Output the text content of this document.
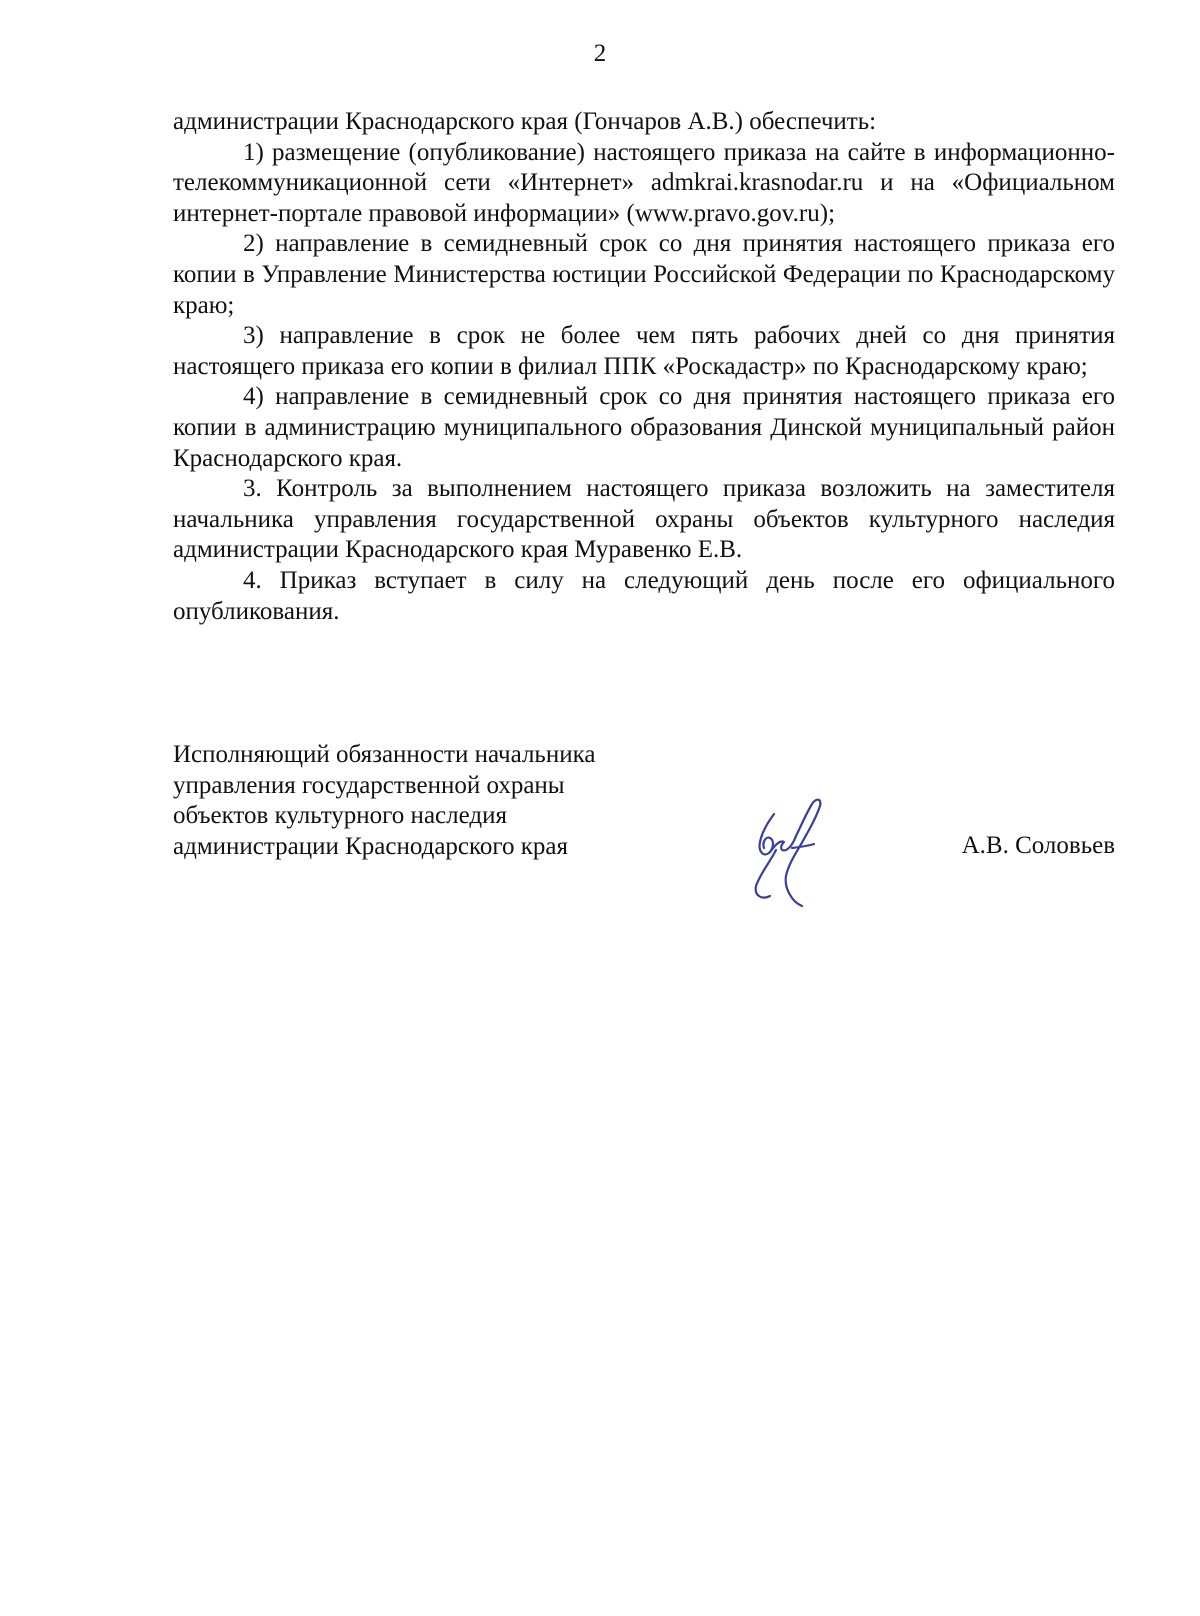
2

администрации Краснодарского края (Гончаров А.В.) обеспечить:

1) размещение (опубликование) настоящего приказа на сайте в информационно-телекоммуникационной сети «Интернет» admkrai.krasnodar.ru и на «Официальном интернет-портале правовой информации» (www.pravo.gov.ru);

2) направление в семидневный срок со дня принятия настоящего приказа его копии в Управление Министерства юстиции Российской Федерации по Краснодарскому краю;

3) направление в срок не более чем пять рабочих дней со дня принятия настоящего приказа его копии в филиал ППК «Роскадастр» по Краснодарскому краю;

4) направление в семидневный срок со дня принятия настоящего приказа его копии в администрацию муниципального образования Динской муниципальный район Краснодарского края.

3. Контроль за выполнением настоящего приказа возложить на заместителя начальника управления государственной охраны объектов культурного наследия администрации Краснодарского края Муравенко Е.В.

4. Приказ вступает в силу на следующий день после его официального опубликования.

Исполняющий обязанности начальника
управления государственной охраны
объектов культурного наследия
администрации Краснодарского края	А.В. Соловьев
